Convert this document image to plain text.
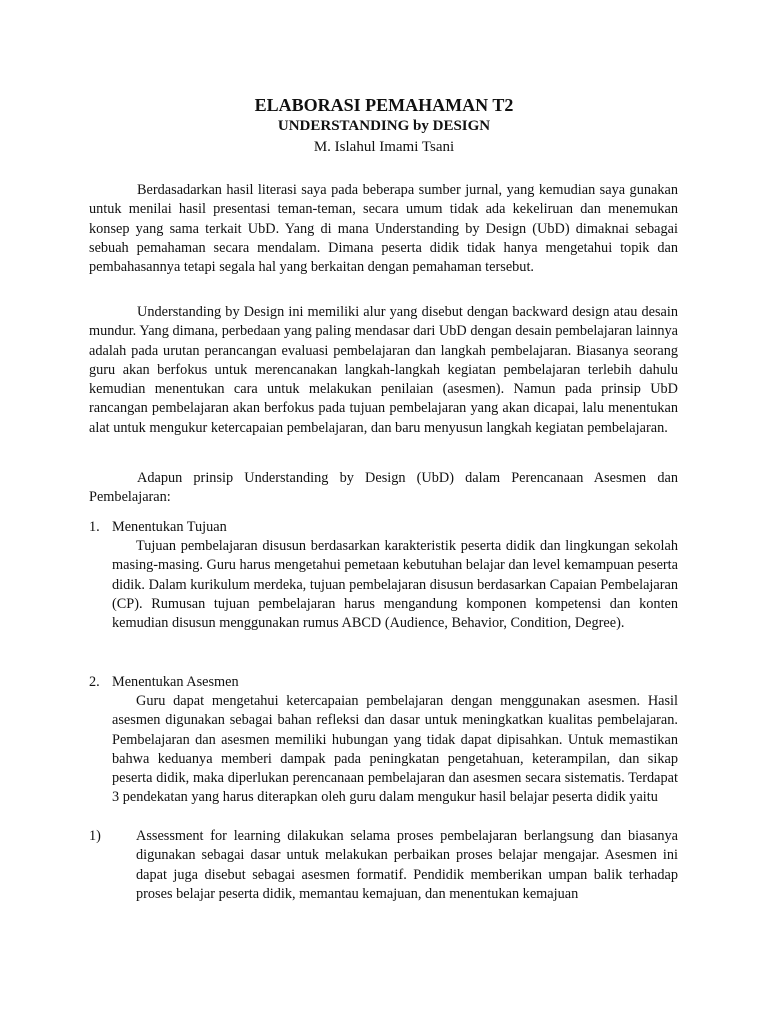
ELABORASI PEMAHAMAN T2
UNDERSTANDING by DESIGN
M. Islahul Imami Tsani

Berdasadarkan hasil literasi saya pada beberapa sumber jurnal, yang kemudian saya gunakan untuk menilai hasil presentasi teman-teman, secara umum tidak ada kekeliruan dan menemukan konsep yang sama terkait UbD. Yang di mana Understanding by Design (UbD) dimaknai sebagai sebuah pemahaman secara mendalam. Dimana peserta didik tidak hanya mengetahui topik dan pembahasannya tetapi segala hal yang berkaitan dengan pemahaman tersebut.

Understanding by Design ini memiliki alur yang disebut dengan backward design atau desain mundur. Yang dimana, perbedaan yang paling mendasar dari UbD dengan desain pembelajaran lainnya adalah pada urutan perancangan evaluasi pembelajaran dan langkah pembelajaran. Biasanya seorang guru akan berfokus untuk merencanakan langkah-langkah kegiatan pembelajaran terlebih dahulu kemudian menentukan cara untuk melakukan penilaian (asesmen). Namun pada prinsip UbD rancangan pembelajaran akan berfokus pada tujuan pembelajaran yang akan dicapai, lalu menentukan alat untuk mengukur ketercapaian pembelajaran, dan baru menyusun langkah kegiatan pembelajaran.

Adapun prinsip Understanding by Design (UbD) dalam Perencanaan Asesmen dan Pembelajaran:

1. Menentukan Tujuan
Tujuan pembelajaran disusun berdasarkan karakteristik peserta didik dan lingkungan sekolah masing-masing. Guru harus mengetahui pemetaan kebutuhan belajar dan level kemampuan peserta didik. Dalam kurikulum merdeka, tujuan pembelajaran disusun berdasarkan Capaian Pembelajaran (CP). Rumusan tujuan pembelajaran harus mengandung komponen kompetensi dan konten kemudian disusun menggunakan rumus ABCD (Audience, Behavior, Condition, Degree).
2. Menentukan Asesmen
Guru dapat mengetahui ketercapaian pembelajaran dengan menggunakan asesmen. Hasil asesmen digunakan sebagai bahan refleksi dan dasar untuk meningkatkan kualitas pembelajaran. Pembelajaran dan asesmen memiliki hubungan yang tidak dapat dipisahkan. Untuk memastikan bahwa keduanya memberi dampak pada peningkatan pengetahuan, keterampilan, dan sikap peserta didik, maka diperlukan perencanaan pembelajaran dan asesmen secara sistematis. Terdapat 3 pendekatan yang harus diterapkan oleh guru dalam mengukur hasil belajar peserta didik yaitu
1) Assessment for learning dilakukan selama proses pembelajaran berlangsung dan biasanya digunakan sebagai dasar untuk melakukan perbaikan proses belajar mengajar. Asesmen ini dapat juga disebut sebagai asesmen formatif. Pendidik memberikan umpan balik terhadap proses belajar peserta didik, memantau kemajuan, dan menentukan kemajuan
